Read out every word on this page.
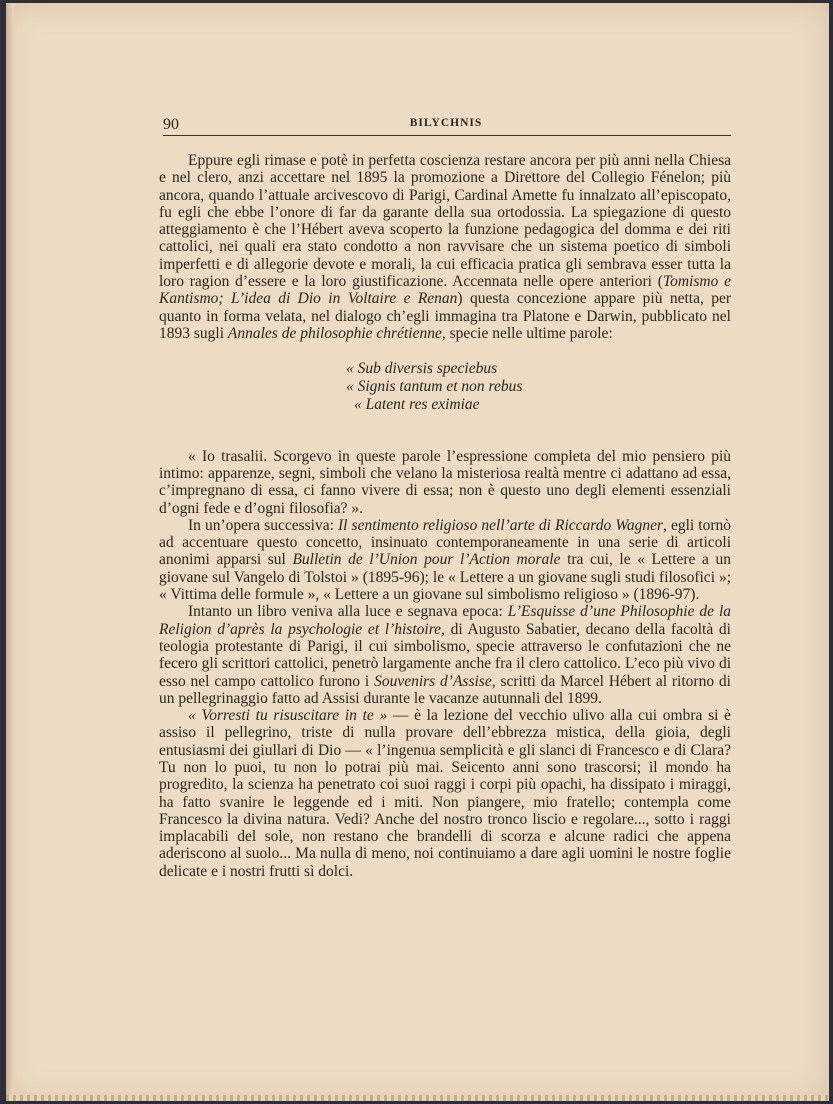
90	BILYCHNIS

Eppure egli rimase e potè in perfetta coscienza restare ancora per più anni nella Chiesa e nel clero, anzi accettare nel 1895 la promozione a Direttore del Collegio Fénelon; più ancora, quando l’attuale arcivescovo di Parigi, Cardinal Amette fu innalzato all’episcopato, fu egli che ebbe l’onore di far da garante della sua ortodossia. La spiegazione di questo atteggiamento è che l’Hébert aveva scoperto la funzione pedagogica del domma e dei riti cattolici, nei quali era stato condotto a non ravvisare che un sistema poetico di simboli imperfetti e di allegorie devote e morali, la cui efficacia pratica gli sembrava esser tutta la loro ragion d’essere e la loro giustificazione. Accennata nelle opere anteriori (Tomismo e Kantismo; L’idea di Dio in Voltaire e Renan) questa concezione appare più netta, per quanto in forma velata, nel dialogo ch’egli immagina tra Platone e Darwin, pubblicato nel 1893 sugli Annales de philosophie chrétienne, specie nelle ultime parole:

« Sub diversis speciebus
« Signis tantum et non rebus
« Latent res eximiae

« Io trasalii. Scorgevo in queste parole l’espressione completa del mio pensiero più intimo: apparenze, segni, simboli che velano la misteriosa realtà mentre ci adattano ad essa, c’impregnano di essa, ci fanno vivere di essa; non è questo uno degli elementi essenziali d’ogni fede e d’ogni filosofia? ».

In un’opera successiva: Il sentimento religioso nell’arte di Riccardo Wagner, egli tornò ad accentuare questo concetto, insinuato contemporaneamente in una serie di articoli anonimi apparsi sul Bulletin de l’Union pour l’Action morale tra cui, le « Lettere a un giovane sul Vangelo di Tolstoi » (1895-96); le « Lettere a un giovane sugli studi filosofici »; « Vittima delle formule », « Lettere a un giovane sul simbolismo religioso » (1896-97).

Intanto un libro veniva alla luce e segnava epoca: L’Esquisse d’une Philosophie de la Religion d’après la psychologie et l’histoire, di Augusto Sabatier, decano della facoltà di teologia protestante di Parigi, il cui simbolismo, specie attraverso le confutazioni che ne fecero gli scrittori cattolici, penetrò largamente anche fra il clero cattolico. L’eco più vivo di esso nel campo cattolico furono i Souvenirs d’Assise, scritti da Marcel Hébert al ritorno di un pellegrinaggio fatto ad Assisi durante le vacanze autunnali del 1899.

« Vorresti tu risuscitare in te » — è la lezione del vecchio ulivo alla cui ombra si è assiso il pellegrino, triste di nulla provare dell’ebbrezza mistica, della gioia, degli entusiasmi dei giullari di Dio — « l’ingenua semplicità e gli slanci di Francesco e di Clara? Tu non lo puoi, tu non lo potrai più mai. Seicento anni sono trascorsi; il mondo ha progredito, la scienza ha penetrato coi suoi raggi i corpi più opachi, ha dissipato i miraggi, ha fatto svanire le leggende ed i miti. Non piangere, mio fratello; contempla come Francesco la divina natura. Vedi? Anche del nostro tronco liscio e regolare..., sotto i raggi implacabili del sole, non restano che brandelli di scorza e alcune radici che appena aderiscono al suolo... Ma nulla di meno, noi continuiamo a dare agli uomini le nostre foglie delicate e i nostri frutti sì dolci.
